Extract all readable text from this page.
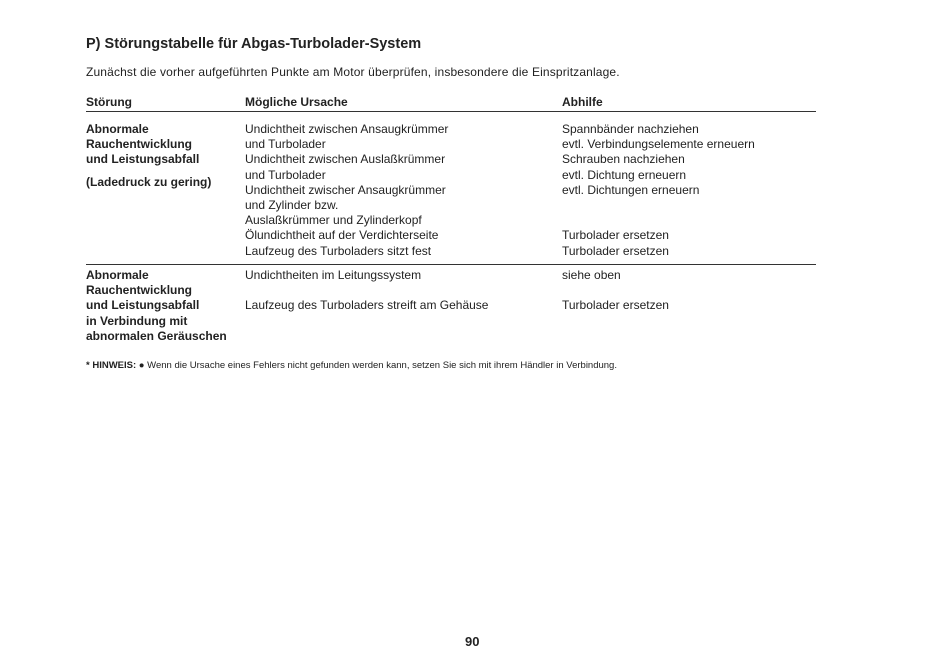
P) Störungstabelle für Abgas-Turbolader-System
Zunächst die vorher aufgeführten Punkte am Motor überprüfen, insbesondere die Einspritzanlage.
Störung	Mögliche Ursache	Abhilfe
Abnormale
Rauchentwicklung
und Leistungsabfall
(Ladedruck zu gering)
Undichtheit zwischen Ansaugkrümmer
und Turbolader
Undichtheit zwischen Auslaßkrümmer
und Turbolader
Undichtheit zwischer Ansaugkrümmer
und Zylinder bzw.
Auslaßkrümmer und Zylinderkopf
Ölundichtheit auf der Verdichterseite
Laufzeug des Turboladers sitzt fest
Spannbänder nachziehen
evtl. Verbindungselemente erneuern
Schrauben nachziehen
evtl. Dichtung erneuern
evtl. Dichtungen erneuern
Turbolader ersetzen
Turbolader ersetzen
Abnormale
Rauchentwicklung
und Leistungsabfall
in Verbindung mit
abnormalen Geräuschen
Undichtheiten im Leitungssystem
Laufzeug des Turboladers streift am Gehäuse
siehe oben
Turbolader ersetzen
* HINWEIS: ● Wenn die Ursache eines Fehlers nicht gefunden werden kann, setzen Sie sich mit ihrem Händler in Verbindung.
90
